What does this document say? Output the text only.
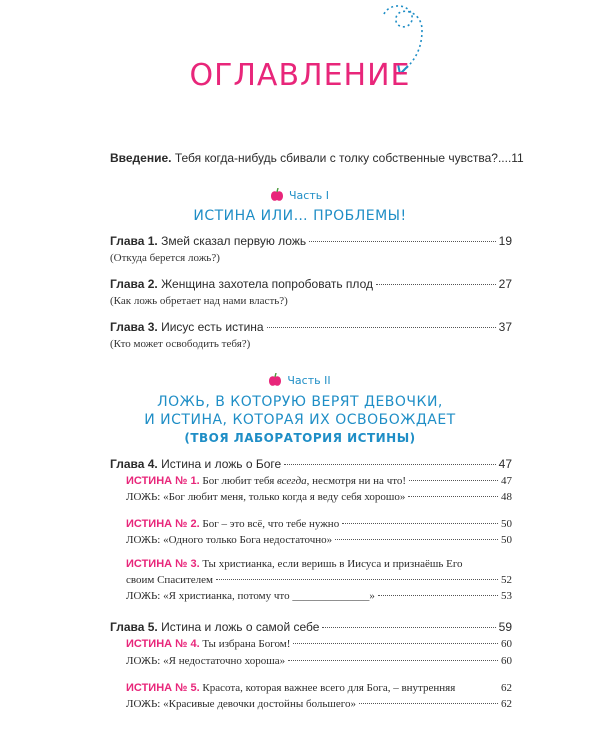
ОГЛАВЛЕНИЕ
Введение. Тебя когда-нибудь сбивали с толку собственные чувства?....11
Часть I
ИСТИНА ИЛИ… ПРОБЛЕМЫ!
Глава 1. Змей сказал первую ложь	19
(Откуда берется ложь?)
Глава 2. Женщина захотела попробовать плод	27
(Как ложь обретает над нами власть?)
Глава 3. Иисус есть истина	37
(Кто может освободить тебя?)
Часть II
ЛОЖЬ, В КОТОРУЮ ВЕРЯТ ДЕВОЧКИ,
И ИСТИНА, КОТОРАЯ ИХ ОСВОБОЖДАЕТ
(ТВОЯ ЛАБОРАТОРИЯ ИСТИНЫ)
Глава 4. Истина и ложь о Боге	47
ИСТИНА № 1. Бог любит тебя всегда, несмотря ни на что!	47
ЛОЖЬ: «Бог любит меня, только когда я веду себя хорошо»	48
ИСТИНА № 2. Бог – это всё, что тебе нужно	50
ЛОЖЬ: «Одного только Бога недостаточно»	50
ИСТИНА № 3. Ты христианка, если веришь в Иисуса и признаёшь Его
своим Спасителем	52
ЛОЖЬ: «Я христианка, потому что ______________»	53
Глава 5. Истина и ложь о самой себе	59
ИСТИНА № 4. Ты избрана Богом!	60
ЛОЖЬ: «Я недостаточно хороша»	60
ИСТИНА № 5. Красота, которая важнее всего для Бога, – внутренняя	62
ЛОЖЬ: «Красивые девочки достойны большего»	62
